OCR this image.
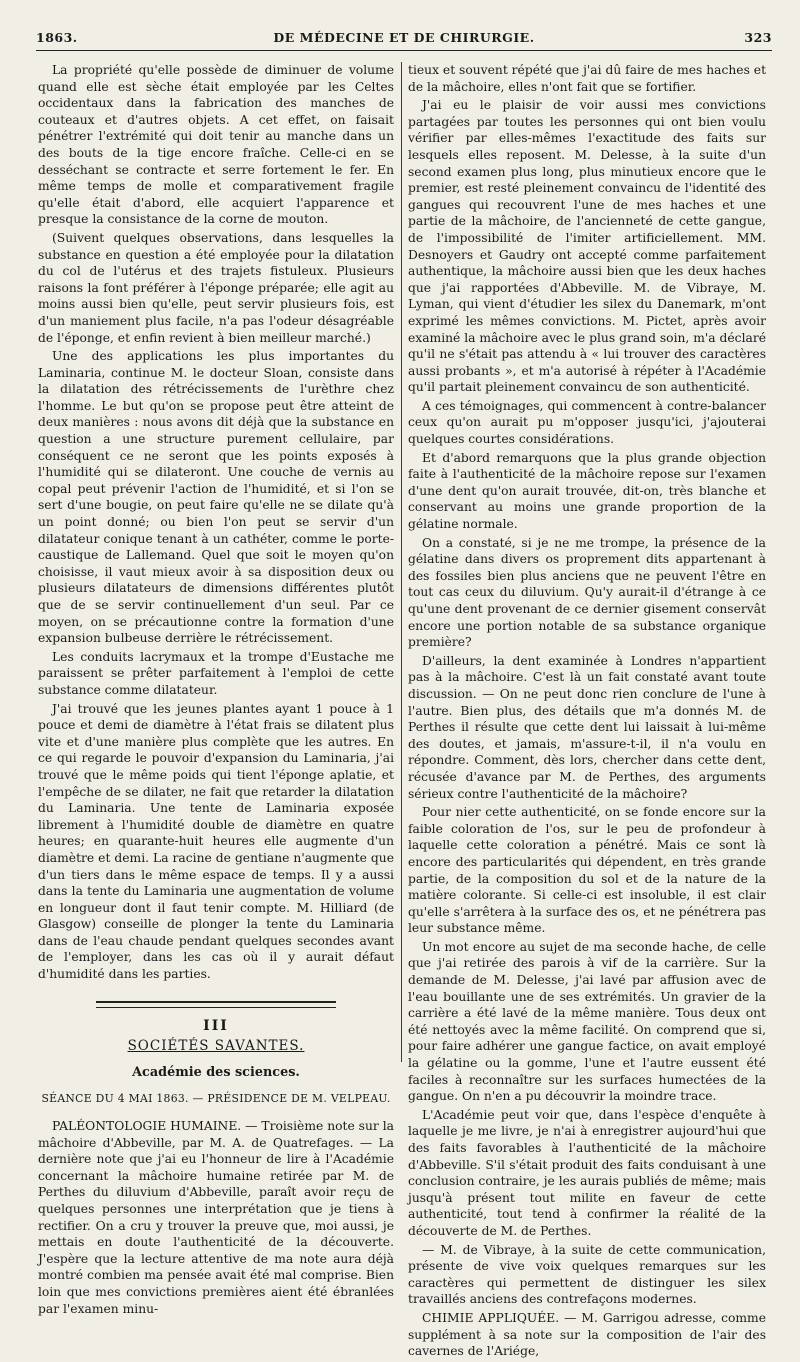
1863.	DE MÉDECINE ET DE CHIRURGIE.	323

La propriété qu'elle possède de diminuer de volume quand elle est sèche était employée par les Celtes occidentaux dans la fabrication des manches de couteaux et d'autres objets. A cet effet, on faisait pénétrer l'extrémité qui doit tenir au manche dans un des bouts de la tige encore fraîche. Celle-ci en se desséchant se contracte et serre fortement le fer. En même temps de molle et comparativement fragile qu'elle était d'abord, elle acquiert l'apparence et presque la consistance de la corne de mouton.

(Suivent quelques observations, dans lesquelles la substance en question a été employée pour la dilatation du col de l'utérus et des trajets fistuleux. Plusieurs raisons la font préférer à l'éponge préparée; elle agit au moins aussi bien qu'elle, peut servir plusieurs fois, est d'un maniement plus facile, n'a pas l'odeur désagréable de l'éponge, et enfin revient à bien meilleur marché.)

Une des applications les plus importantes du Laminaria, continue M. le docteur Sloan, consiste dans la dilatation des rétrécissements de l'urèthre chez l'homme. Le but qu'on se propose peut être atteint de deux manières : nous avons dit déjà que la substance en question a une structure purement cellulaire, par conséquent ce ne seront que les points exposés à l'humidité qui se dilateront. Une couche de vernis au copal peut prévenir l'action de l'humidité, et si l'on se sert d'une bougie, on peut faire qu'elle ne se dilate qu'à un point donné; ou bien l'on peut se servir d'un dilatateur conique tenant à un cathéter, comme le porte-caustique de Lallemand. Quel que soit le moyen qu'on choisisse, il vaut mieux avoir à sa disposition deux ou plusieurs dilatateurs de dimensions différentes plutôt que de se servir continuellement d'un seul. Par ce moyen, on se précautionne contre la formation d'une expansion bulbeuse derrière le rétrécissement.

Les conduits lacrymaux et la trompe d'Eustache me paraissent se prêter parfaitement à l'emploi de cette substance comme dilatateur.

J'ai trouvé que les jeunes plantes ayant 1 pouce à 1 pouce et demi de diamètre à l'état frais se dilatent plus vite et d'une manière plus complète que les autres. En ce qui regarde le pouvoir d'expansion du Laminaria, j'ai trouvé que le même poids qui tient l'éponge aplatie, et l'empêche de se dilater, ne fait que retarder la dilatation du Laminaria. Une tente de Laminaria exposée librement à l'humidité double de diamètre en quatre heures; en quarante-huit heures elle augmente d'un diamètre et demi. La racine de gentiane n'augmente que d'un tiers dans le même espace de temps. Il y a aussi dans la tente du Laminaria une augmentation de volume en longueur dont il faut tenir compte. M. Hilliard (de Glasgow) conseille de plonger la tente du Laminaria dans de l'eau chaude pendant quelques secondes avant de l'employer, dans les cas où il y aurait défaut d'humidité dans les parties.

III
SOCIÉTÉS SAVANTES.
Académie des sciences.
SÉANCE DU 4 MAI 1863. — PRÉSIDENCE DE M. VELPEAU.

PALÉONTOLOGIE HUMAINE. — Troisième note sur la mâchoire d'Abbeville, par M. A. de Quatrefages. — La dernière note que j'ai eu l'honneur de lire à l'Académie concernant la mâchoire humaine retirée par M. de Perthes du diluvium d'Abbeville, paraît avoir reçu de quelques personnes une interprétation que je tiens à rectifier. On a cru y trouver la preuve que, moi aussi, je mettais en doute l'authenticité de la découverte. J'espère que la lecture attentive de ma note aura déjà montré combien ma pensée avait été mal comprise. Bien loin que mes convictions premières aient été ébranlées par l'examen minu-

tieux et souvent répété que j'ai dû faire de mes haches et de la mâchoire, elles n'ont fait que se fortifier.

J'ai eu le plaisir de voir aussi mes convictions partagées par toutes les personnes qui ont bien voulu vérifier par elles-mêmes l'exactitude des faits sur lesquels elles reposent. M. Delesse, à la suite d'un second examen plus long, plus minutieux encore que le premier, est resté pleinement convaincu de l'identité des gangues qui recouvrent l'une de mes haches et une partie de la mâchoire, de l'ancienneté de cette gangue, de l'impossibilité de l'imiter artificiellement. MM. Desnoyers et Gaudry ont accepté comme parfaitement authentique, la mâchoire aussi bien que les deux haches que j'ai rapportées d'Abbeville. M. de Vibraye, M. Lyman, qui vient d'étudier les silex du Danemark, m'ont exprimé les mêmes convictions. M. Pictet, après avoir examiné la mâchoire avec le plus grand soin, m'a déclaré qu'il ne s'était pas attendu à « lui trouver des caractères aussi probants », et m'a autorisé à répéter à l'Académie qu'il partait pleinement convaincu de son authenticité.

A ces témoignages, qui commencent à contre-balancer ceux qu'on aurait pu m'opposer jusqu'ici, j'ajouterai quelques courtes considérations.

Et d'abord remarquons que la plus grande objection faite à l'authenticité de la mâchoire repose sur l'examen d'une dent qu'on aurait trouvée, dit-on, très blanche et conservant au moins une grande proportion de la gélatine normale.

On a constaté, si je ne me trompe, la présence de la gélatine dans divers os proprement dits appartenant à des fossiles bien plus anciens que ne peuvent l'être en tout cas ceux du diluvium. Qu'y aurait-il d'étrange à ce qu'une dent provenant de ce dernier gisement conservât encore une portion notable de sa substance organique première?

D'ailleurs, la dent examinée à Londres n'appartient pas à la mâchoire. C'est là un fait constaté avant toute discussion. — On ne peut donc rien conclure de l'une à l'autre. Bien plus, des détails que m'a donnés M. de Perthes il résulte que cette dent lui laissait à lui-même des doutes, et jamais, m'assure-t-il, il n'a voulu en répondre. Comment, dès lors, chercher dans cette dent, récusée d'avance par M. de Perthes, des arguments sérieux contre l'authenticité de la mâchoire?

Pour nier cette authenticité, on se fonde encore sur la faible coloration de l'os, sur le peu de profondeur à laquelle cette coloration a pénétré. Mais ce sont là encore des particularités qui dépendent, en très grande partie, de la composition du sol et de la nature de la matière colorante. Si celle-ci est insoluble, il est clair qu'elle s'arrêtera à la surface des os, et ne pénétrera pas leur substance même.

Un mot encore au sujet de ma seconde hache, de celle que j'ai retirée des parois à vif de la carrière. Sur la demande de M. Delesse, j'ai lavé par affusion avec de l'eau bouillante une de ses extrémités. Un gravier de la carrière a été lavé de la même manière. Tous deux ont été nettoyés avec la même facilité. On comprend que si, pour faire adhérer une gangue factice, on avait employé la gélatine ou la gomme, l'une et l'autre eussent été faciles à reconnaître sur les surfaces humectées de la gangue. On n'en a pu découvrir la moindre trace.

L'Académie peut voir que, dans l'espèce d'enquête à laquelle je me livre, je n'ai à enregistrer aujourd'hui que des faits favorables à l'authenticité de la mâchoire d'Abbeville. S'il s'était produit des faits conduisant à une conclusion contraire, je les aurais publiés de même; mais jusqu'à présent tout milite en faveur de cette authenticité, tout tend à confirmer la réalité de la découverte de M. de Perthes.

— M. de Vibraye, à la suite de cette communication, présente de vive voix quelques remarques sur les caractères qui permettent de distinguer les silex travaillés anciens des contrefaçons modernes.

CHIMIE APPLIQUÉE. — M. Garrigou adresse, comme supplément à sa note sur la composition de l'air des cavernes de l'Ariége,
